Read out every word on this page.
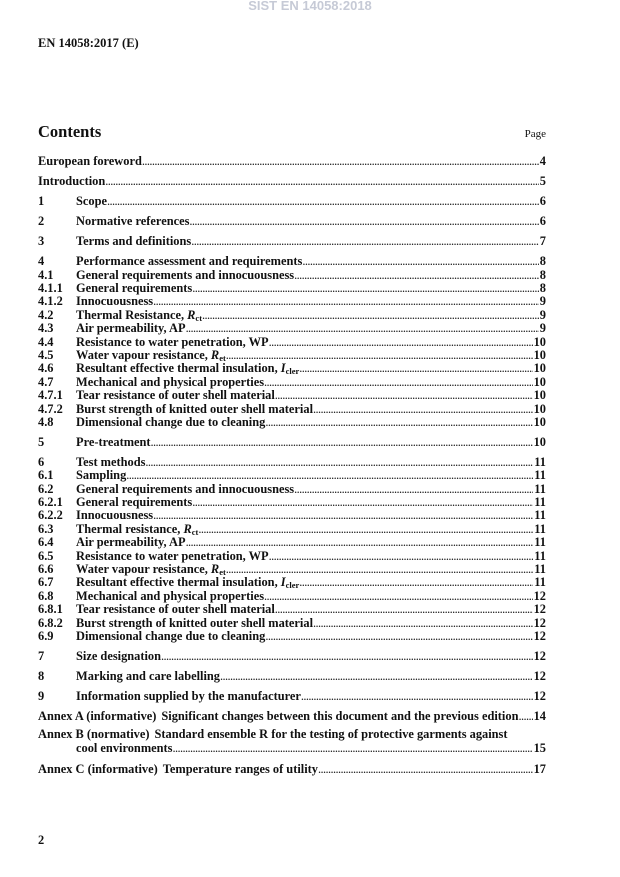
SIST EN 14058:2018
EN 14058:2017 (E)
Contents	Page
European foreword .....	4
Introduction .....	5
1	Scope .....	6
2	Normative references .....	6
3	Terms and definitions .....	7
4	Performance assessment and requirements .....	8
4.1	General requirements and innocuousness .....	8
4.1.1	General requirements .....	8
4.1.2	Innocuousness .....	9
4.2	Thermal Resistance, $R_{ct}$ .....	9
4.3	Air permeability, AP .....	9
4.4	Resistance to water penetration, WP .....	10
4.5	Water vapour resistance, $R_{et}$ .....	10
4.6	Resultant effective thermal insulation, $I_{cler}$ .....	10
4.7	Mechanical and physical properties .....	10
4.7.1	Tear resistance of outer shell material .....	10
4.7.2	Burst strength of knitted outer shell material .....	10
4.8	Dimensional change due to cleaning .....	10
5	Pre-treatment .....	10
6	Test methods .....	11
6.1	Sampling .....	11
6.2	General requirements and innocuousness .....	11
6.2.1	General requirements .....	11
6.2.2	Innocuousness .....	11
6.3	Thermal resistance, $R_{ct}$ .....	11
6.4	Air permeability, AP .....	11
6.5	Resistance to water penetration, WP .....	11
6.6	Water vapour resistance, $R_{et}$ .....	11
6.7	Resultant effective thermal insulation, $I_{cler}$ .....	11
6.8	Mechanical and physical properties .....	12
6.8.1	Tear resistance of outer shell material .....	12
6.8.2	Burst strength of knitted outer shell material .....	12
6.9	Dimensional change due to cleaning .....	12
7	Size designation .....	12
8	Marking and care labelling .....	12
9	Information supplied by the manufacturer .....	12
Annex A (informative) Significant changes between this document and the previous edition ..... 14
Annex B (normative) Standard ensemble R for the testing of protective garments against
cool environments .....	15
Annex C (informative) Temperature ranges of utility .....	17
2
